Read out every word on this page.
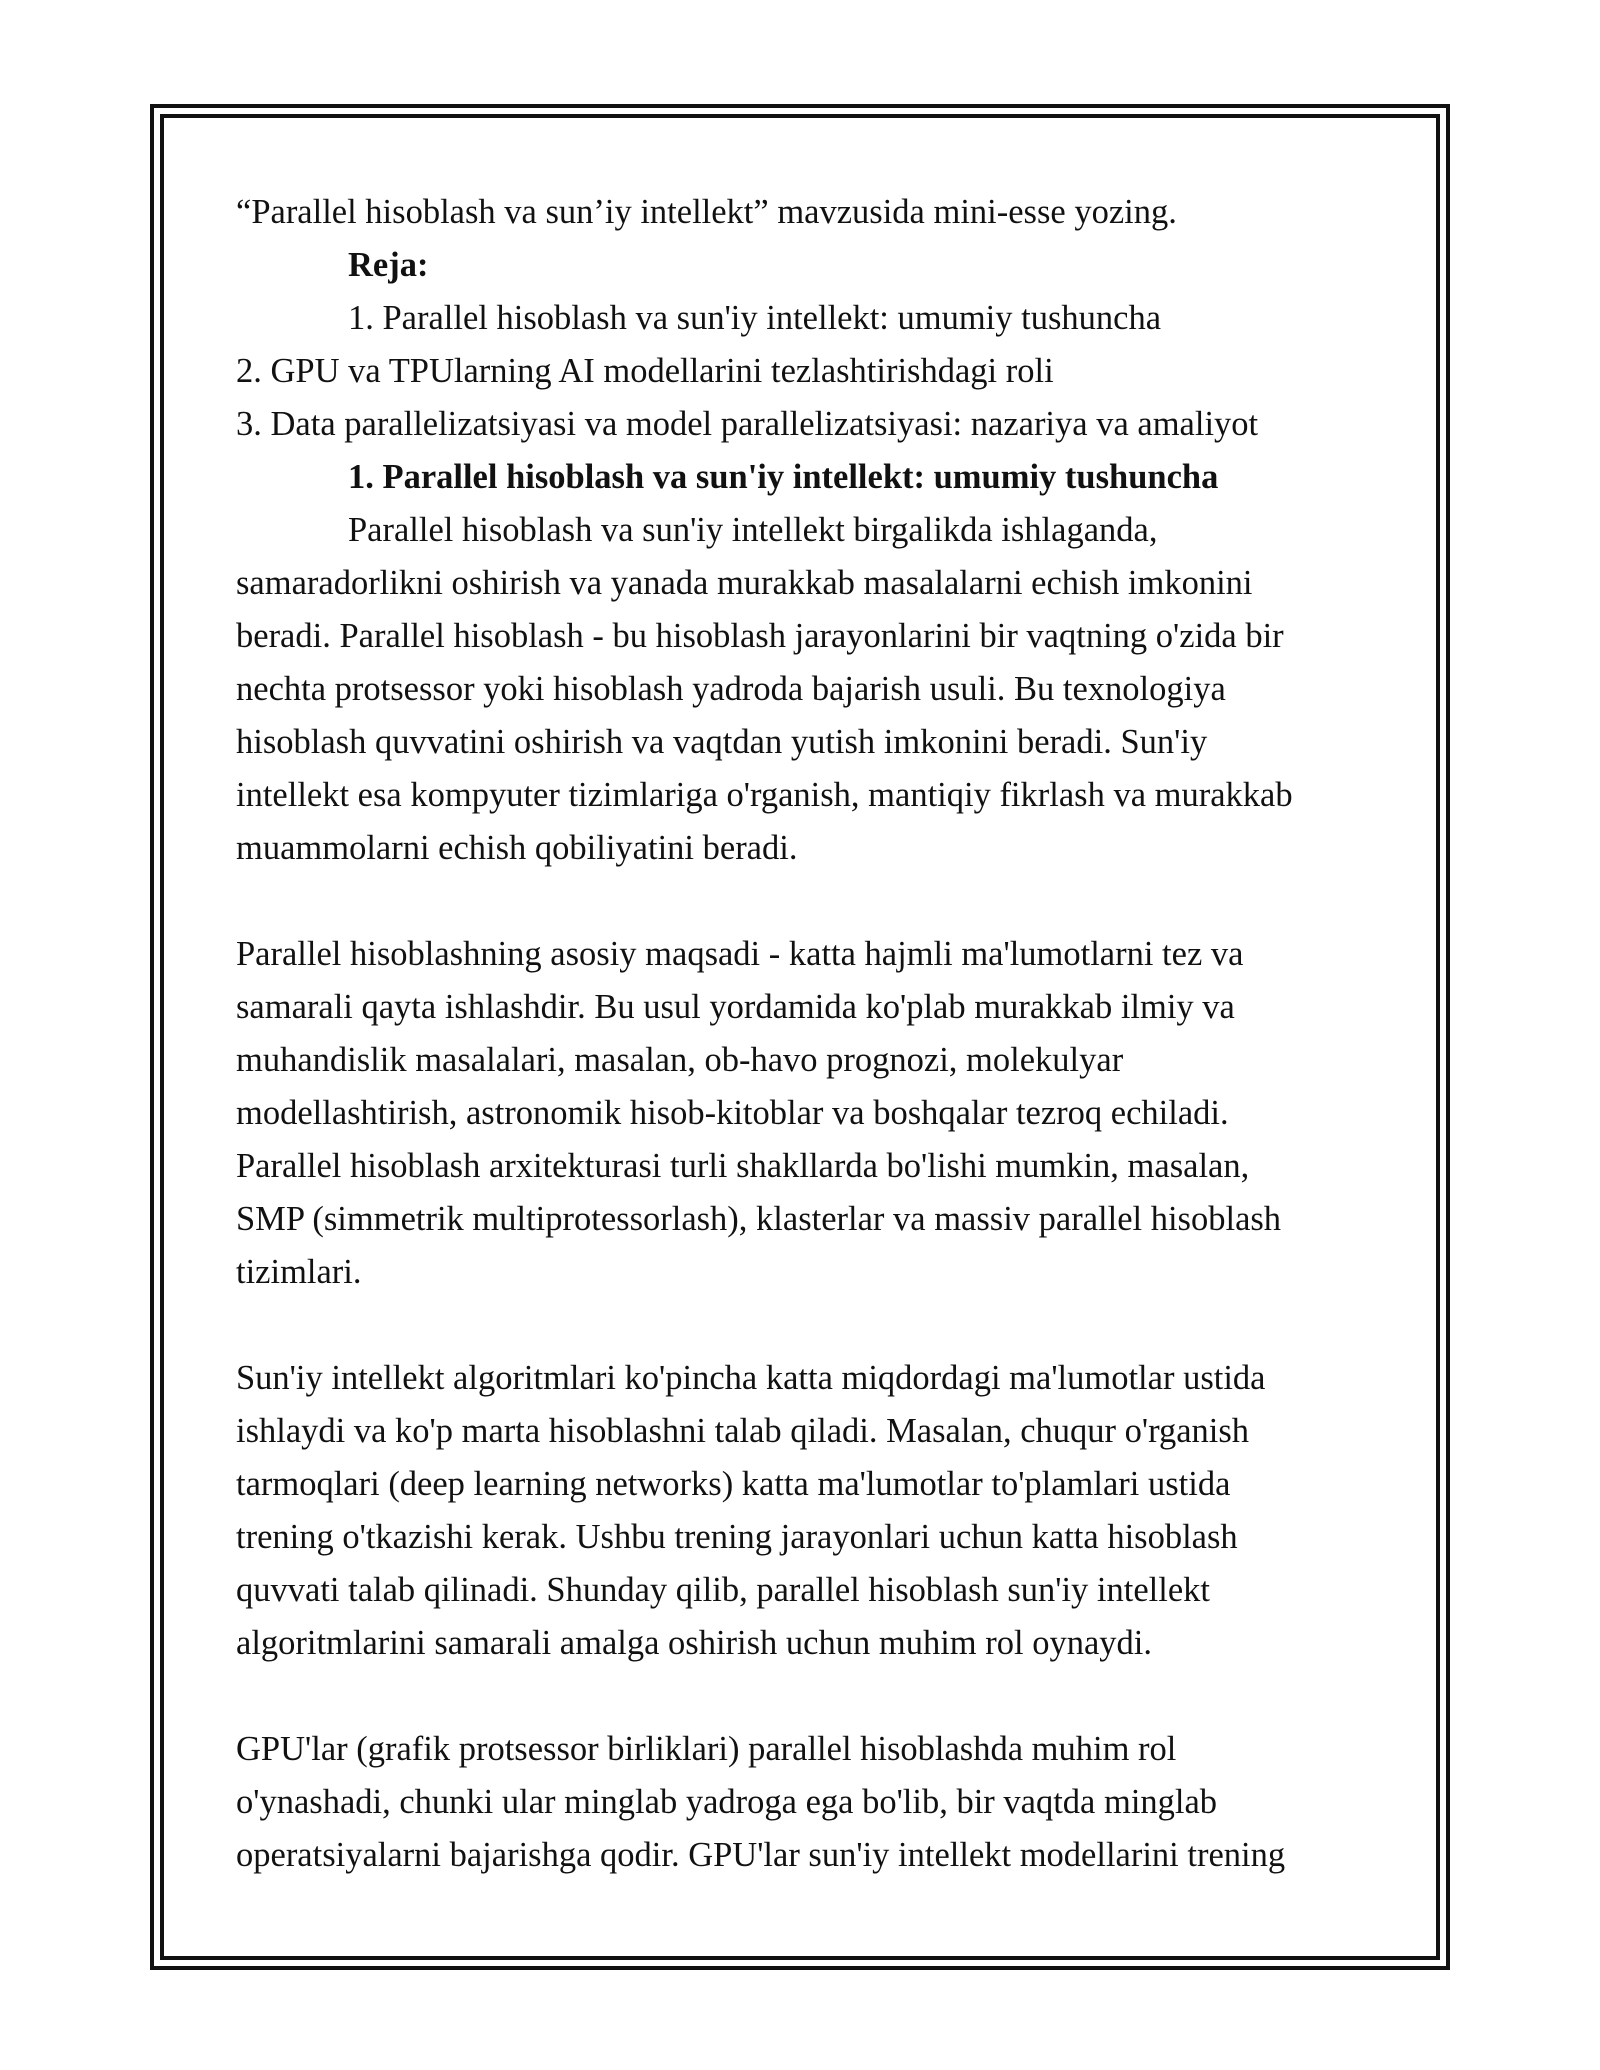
“Parallel hisoblash va sun’iy intellekt” mavzusida mini-esse yozing.

Reja:

1. Parallel hisoblash va sun'iy intellekt: umumiy tushuncha

2. GPU va TPUlarning AI modellarini tezlashtirishdagi roli

3. Data parallelizatsiyasi va model parallelizatsiyasi: nazariya va amaliyot

1. Parallel hisoblash va sun'iy intellekt: umumiy tushuncha

Parallel hisoblash va sun'iy intellekt birgalikda ishlaganda,

samaradorlikni oshirish va yanada murakkab masalalarni echish imkonini

beradi. Parallel hisoblash - bu hisoblash jarayonlarini bir vaqtning o'zida bir

nechta protsessor yoki hisoblash yadroda bajarish usuli. Bu texnologiya

hisoblash quvvatini oshirish va vaqtdan yutish imkonini beradi. Sun'iy

intellekt esa kompyuter tizimlariga o'rganish, mantiqiy fikrlash va murakkab

muammolarni echish qobiliyatini beradi.

Parallel hisoblashning asosiy maqsadi - katta hajmli ma'lumotlarni tez va

samarali qayta ishlashdir. Bu usul yordamida ko'plab murakkab ilmiy va

muhandislik masalalari, masalan, ob-havo prognozi, molekulyar

modellashtirish, astronomik hisob-kitoblar va boshqalar tezroq echiladi.

Parallel hisoblash arxitekturasi turli shakllarda bo'lishi mumkin, masalan,

SMP (simmetrik multiprotessorlash), klasterlar va massiv parallel hisoblash

tizimlari.

Sun'iy intellekt algoritmlari ko'pincha katta miqdordagi ma'lumotlar ustida

ishlaydi va ko'p marta hisoblashni talab qiladi. Masalan, chuqur o'rganish

tarmoqlari (deep learning networks) katta ma'lumotlar to'plamlari ustida

trening o'tkazishi kerak. Ushbu trening jarayonlari uchun katta hisoblash

quvvati talab qilinadi. Shunday qilib, parallel hisoblash sun'iy intellekt

algoritmlarini samarali amalga oshirish uchun muhim rol oynaydi.

GPU'lar (grafik protsessor birliklari) parallel hisoblashda muhim rol

o'ynashadi, chunki ular minglab yadroga ega bo'lib, bir vaqtda minglab

operatsiyalarni bajarishga qodir. GPU'lar sun'iy intellekt modellarini trening
